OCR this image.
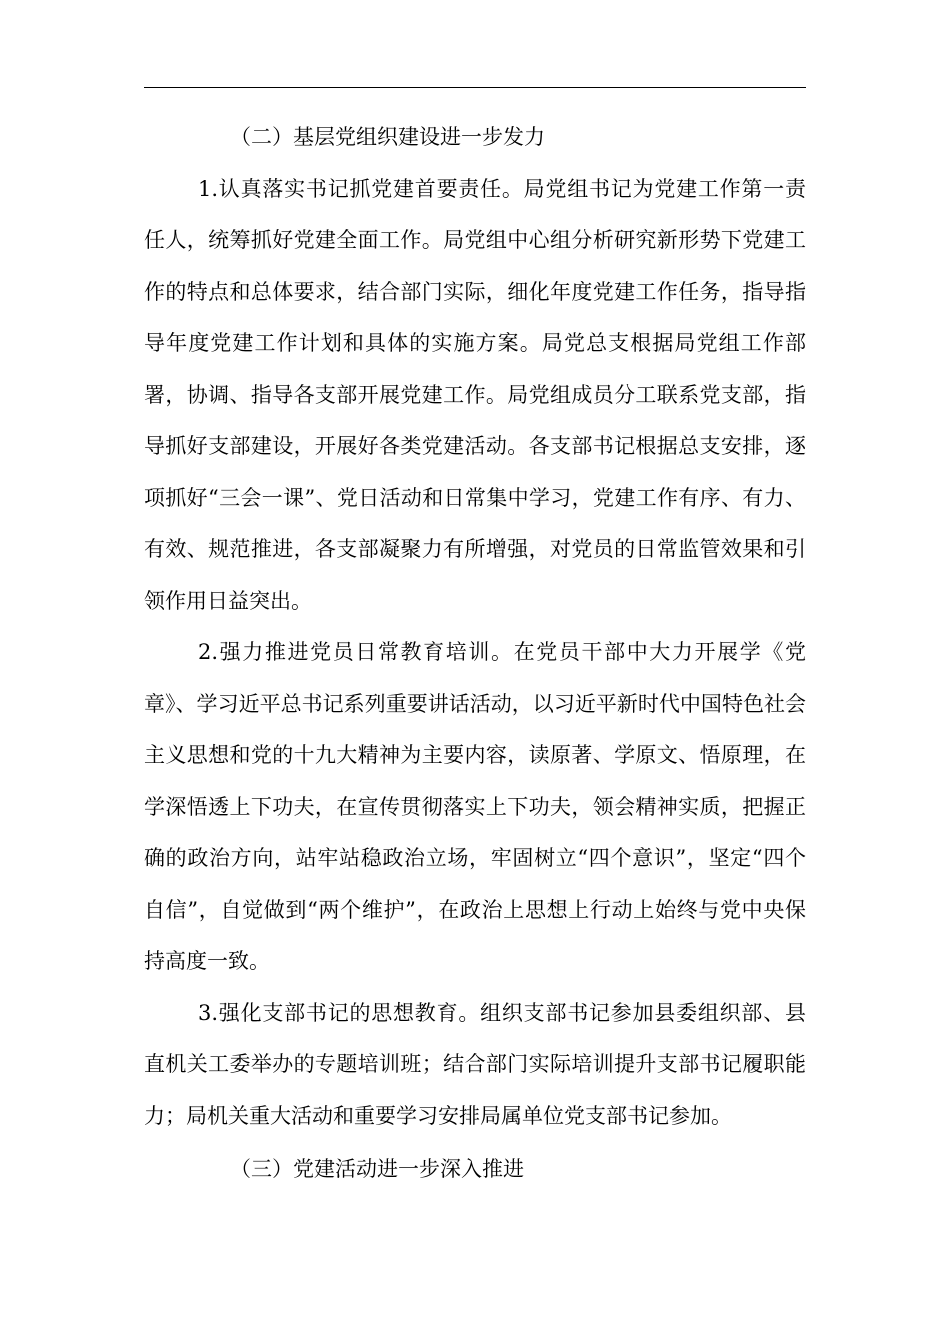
（二）基层党组织建设进一步发力

1.认真落实书记抓党建首要责任。局党组书记为党建工作第一责任人，统筹抓好党建全面工作。局党组中心组分析研究新形势下党建工作的特点和总体要求，结合部门实际，细化年度党建工作任务，指导指导年度党建工作计划和具体的实施方案。局党总支根据局党组工作部署，协调、指导各支部开展党建工作。局党组成员分工联系党支部，指导抓好支部建设，开展好各类党建活动。各支部书记根据总支安排，逐项抓好“三会一课”、党日活动和日常集中学习，党建工作有序、有力、有效、规范推进，各支部凝聚力有所增强，对党员的日常监管效果和引领作用日益突出。

2.强力推进党员日常教育培训。在党员干部中大力开展学《党章》、学习近平总书记系列重要讲话活动，以习近平新时代中国特色社会主义思想和党的十九大精神为主要内容，读原著、学原文、悟原理，在学深悟透上下功夫，在宣传贯彻落实上下功夫，领会精神实质，把握正确的政治方向，站牢站稳政治立场，牢固树立“四个意识”，坚定“四个自信”，自觉做到“两个维护”，在政治上思想上行动上始终与党中央保持高度一致。

3.强化支部书记的思想教育。组织支部书记参加县委组织部、县直机关工委举办的专题培训班；结合部门实际培训提升支部书记履职能力；局机关重大活动和重要学习安排局属单位党支部书记参加。

（三）党建活动进一步深入推进
